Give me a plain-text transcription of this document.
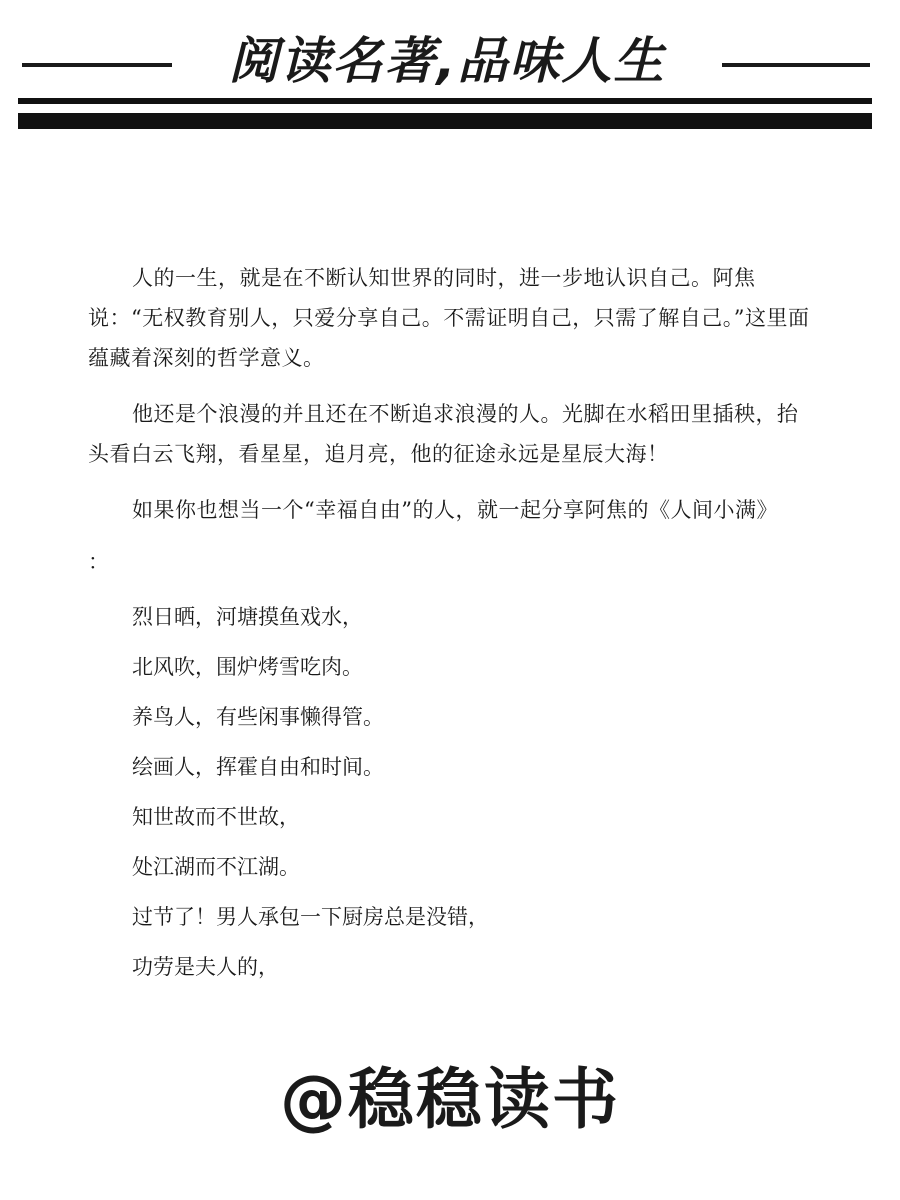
阅读名著,品味人生

人的一生，就是在不断认知世界的同时，进一步地认识自己。阿焦说：“无权教育别人，只爱分享自己。不需证明自己，只需了解自己。”这里面蕴藏着深刻的哲学意义。

他还是个浪漫的并且还在不断追求浪漫的人。光脚在水稻田里插秧，抬头看白云飞翔，看星星，追月亮，他的征途永远是星辰大海！

如果你也想当一个“幸福自由”的人，就一起分享阿焦的《人间小满》

：
烈日晒，河塘摸鱼戏水，
北风吹，围炉烤雪吃肉。
养鸟人，有些闲事懒得管。
绘画人，挥霍自由和时间。
知世故而不世故，
处江湖而不江湖。
过节了！男人承包一下厨房总是没错，
功劳是夫人的，
@稳稳读书
